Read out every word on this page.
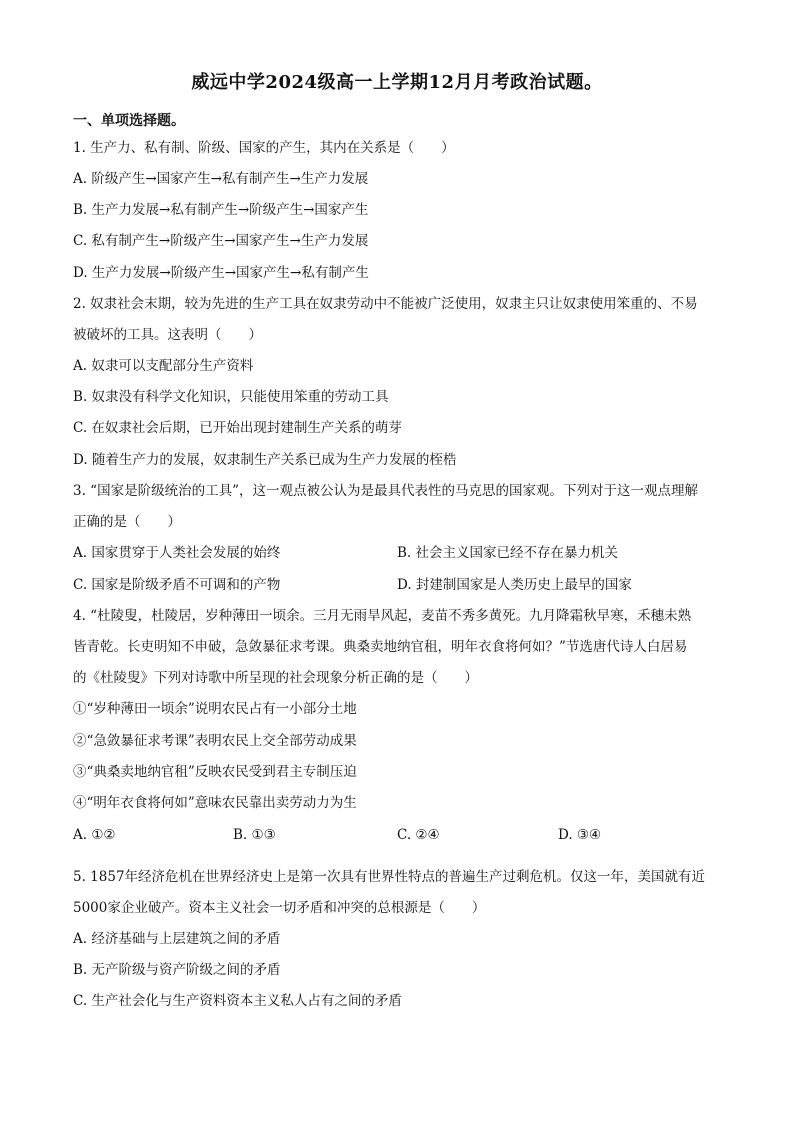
威远中学2024级高一上学期12月月考政治试题。
一、单项选择题。
1. 生产力、私有制、阶级、国家的产生，其内在关系是（　　）
A. 阶级产生→国家产生→私有制产生→生产力发展
B. 生产力发展→私有制产生→阶级产生→国家产生
C. 私有制产生→阶级产生→国家产生→生产力发展
D. 生产力发展→阶级产生→国家产生→私有制产生
2. 奴隶社会末期，较为先进的生产工具在奴隶劳动中不能被广泛使用，奴隶主只让奴隶使用笨重的、不易
被破坏的工具。这表明（　　）
A. 奴隶可以支配部分生产资料
B. 奴隶没有科学文化知识，只能使用笨重的劳动工具
C. 在奴隶社会后期，已开始出现封建制生产关系的萌芽
D. 随着生产力的发展，奴隶制生产关系已成为生产力发展的桎梏
3. “国家是阶级统治的工具”，这一观点被公认为是最具代表性的马克思的国家观。下列对于这一观点理解
正确的是（　　）
A. 国家贯穿于人类社会发展的始终	B. 社会主义国家已经不存在暴力机关
C. 国家是阶级矛盾不可调和的产物	D. 封建制国家是人类历史上最早的国家
4. “杜陵叟，杜陵居，岁种薄田一顷余。三月无雨旱风起，麦苗不秀多黄死。九月降霜秋早寒，禾穗未熟
皆青乾。长吏明知不申破，急敛暴征求考课。典桑卖地纳官租，明年衣食将何如？”节选唐代诗人白居易
的《杜陵叟》下列对诗歌中所呈现的社会现象分析正确的是（　　）
①“岁种薄田一顷余”说明农民占有一小部分土地
②“急敛暴征求考课”表明农民上交全部劳动成果
③“典桑卖地纳官租”反映农民受到君主专制压迫
④“明年衣食将何如”意味农民靠出卖劳动力为生
A. ①②	B. ①③	C. ②④	D. ③④
5. 1857年经济危机在世界经济史上是第一次具有世界性特点的普遍生产过剩危机。仅这一年，美国就有近
5000家企业破产。资本主义社会一切矛盾和冲突的总根源是（　　）
A. 经济基础与上层建筑之间的矛盾
B. 无产阶级与资产阶级之间的矛盾
C. 生产社会化与生产资料资本主义私人占有之间的矛盾
